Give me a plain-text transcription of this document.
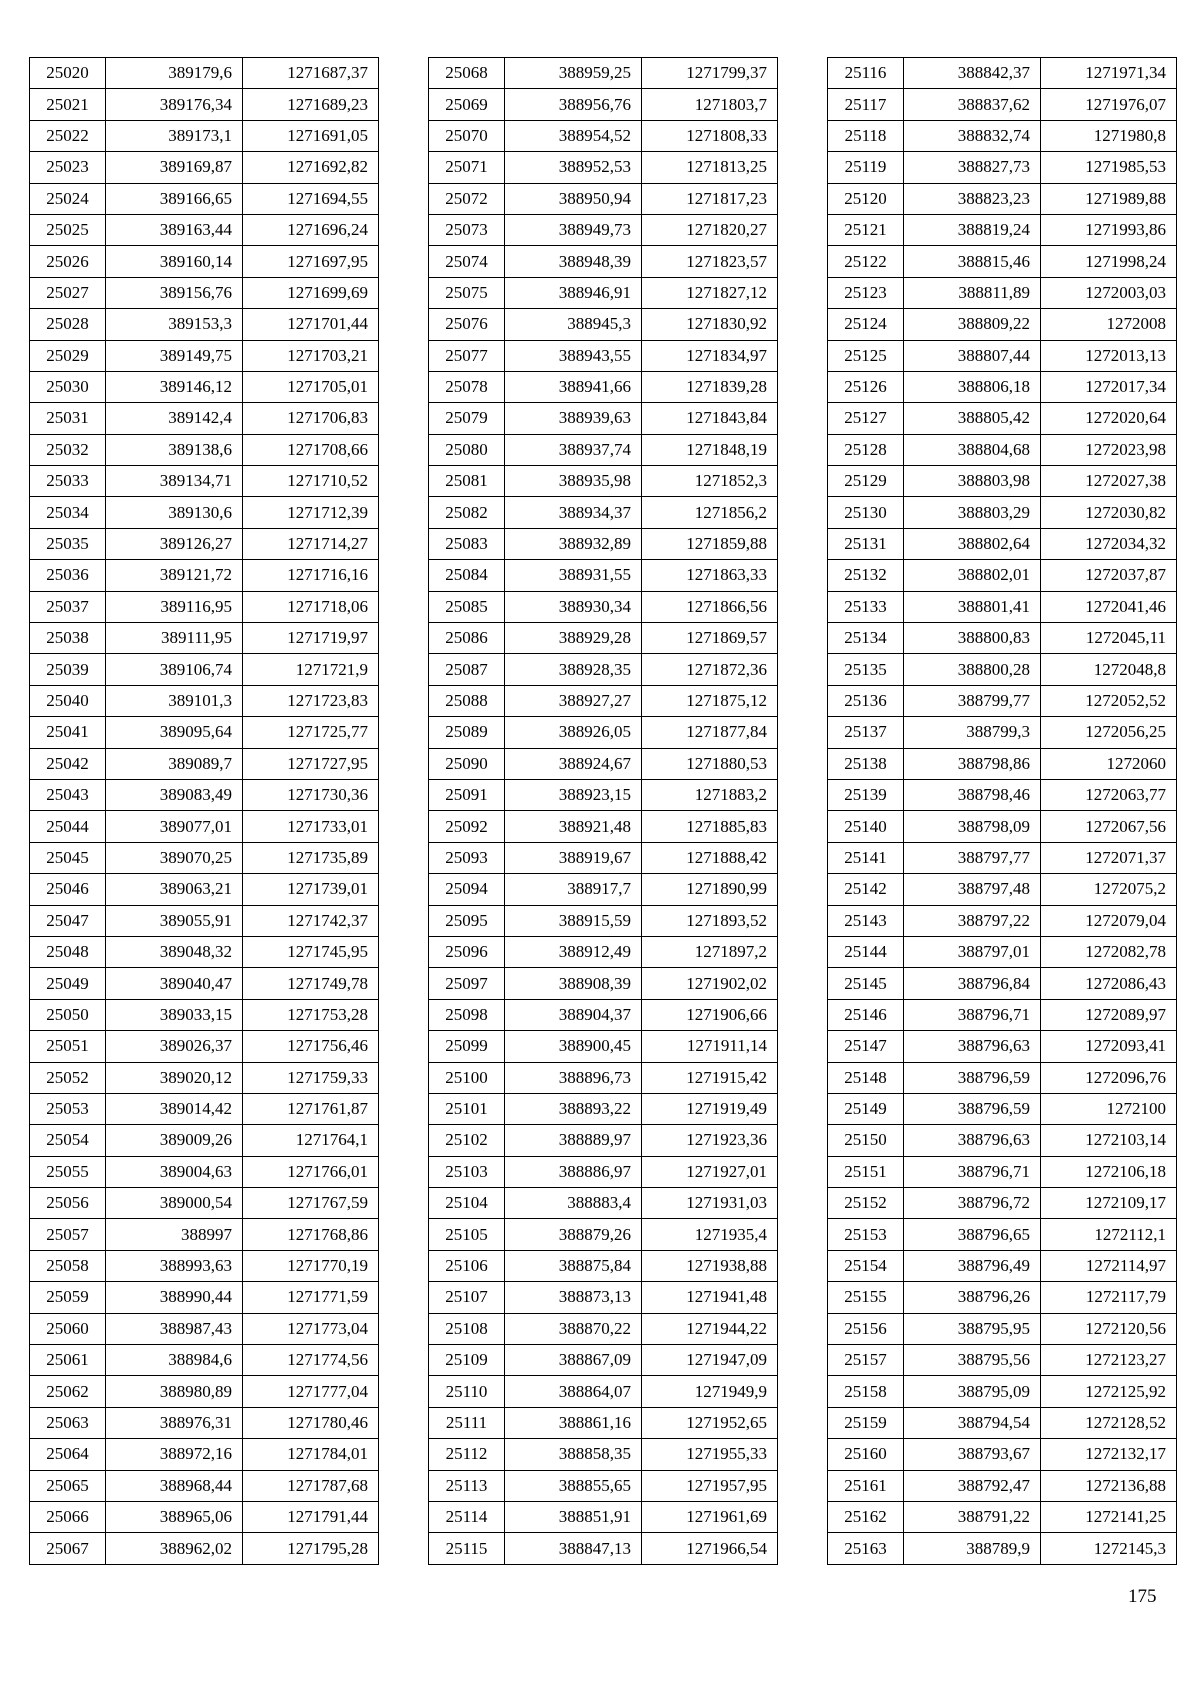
25020	389179,6	1271687,37
25021	389176,34	1271689,23
25022	389173,1	1271691,05
25023	389169,87	1271692,82
25024	389166,65	1271694,55
25025	389163,44	1271696,24
25026	389160,14	1271697,95
25027	389156,76	1271699,69
25028	389153,3	1271701,44
25029	389149,75	1271703,21
25030	389146,12	1271705,01
25031	389142,4	1271706,83
25032	389138,6	1271708,66
25033	389134,71	1271710,52
25034	389130,6	1271712,39
25035	389126,27	1271714,27
25036	389121,72	1271716,16
25037	389116,95	1271718,06
25038	389111,95	1271719,97
25039	389106,74	1271721,9
25040	389101,3	1271723,83
25041	389095,64	1271725,77
25042	389089,7	1271727,95
25043	389083,49	1271730,36
25044	389077,01	1271733,01
25045	389070,25	1271735,89
25046	389063,21	1271739,01
25047	389055,91	1271742,37
25048	389048,32	1271745,95
25049	389040,47	1271749,78
25050	389033,15	1271753,28
25051	389026,37	1271756,46
25052	389020,12	1271759,33
25053	389014,42	1271761,87
25054	389009,26	1271764,1
25055	389004,63	1271766,01
25056	389000,54	1271767,59
25057	388997	1271768,86
25058	388993,63	1271770,19
25059	388990,44	1271771,59
25060	388987,43	1271773,04
25061	388984,6	1271774,56
25062	388980,89	1271777,04
25063	388976,31	1271780,46
25064	388972,16	1271784,01
25065	388968,44	1271787,68
25066	388965,06	1271791,44
25067	388962,02	1271795,28
25068	388959,25	1271799,37
25069	388956,76	1271803,7
25070	388954,52	1271808,33
25071	388952,53	1271813,25
25072	388950,94	1271817,23
25073	388949,73	1271820,27
25074	388948,39	1271823,57
25075	388946,91	1271827,12
25076	388945,3	1271830,92
25077	388943,55	1271834,97
25078	388941,66	1271839,28
25079	388939,63	1271843,84
25080	388937,74	1271848,19
25081	388935,98	1271852,3
25082	388934,37	1271856,2
25083	388932,89	1271859,88
25084	388931,55	1271863,33
25085	388930,34	1271866,56
25086	388929,28	1271869,57
25087	388928,35	1271872,36
25088	388927,27	1271875,12
25089	388926,05	1271877,84
25090	388924,67	1271880,53
25091	388923,15	1271883,2
25092	388921,48	1271885,83
25093	388919,67	1271888,42
25094	388917,7	1271890,99
25095	388915,59	1271893,52
25096	388912,49	1271897,2
25097	388908,39	1271902,02
25098	388904,37	1271906,66
25099	388900,45	1271911,14
25100	388896,73	1271915,42
25101	388893,22	1271919,49
25102	388889,97	1271923,36
25103	388886,97	1271927,01
25104	388883,4	1271931,03
25105	388879,26	1271935,4
25106	388875,84	1271938,88
25107	388873,13	1271941,48
25108	388870,22	1271944,22
25109	388867,09	1271947,09
25110	388864,07	1271949,9
25111	388861,16	1271952,65
25112	388858,35	1271955,33
25113	388855,65	1271957,95
25114	388851,91	1271961,69
25115	388847,13	1271966,54
25116	388842,37	1271971,34
25117	388837,62	1271976,07
25118	388832,74	1271980,8
25119	388827,73	1271985,53
25120	388823,23	1271989,88
25121	388819,24	1271993,86
25122	388815,46	1271998,24
25123	388811,89	1272003,03
25124	388809,22	1272008
25125	388807,44	1272013,13
25126	388806,18	1272017,34
25127	388805,42	1272020,64
25128	388804,68	1272023,98
25129	388803,98	1272027,38
25130	388803,29	1272030,82
25131	388802,64	1272034,32
25132	388802,01	1272037,87
25133	388801,41	1272041,46
25134	388800,83	1272045,11
25135	388800,28	1272048,8
25136	388799,77	1272052,52
25137	388799,3	1272056,25
25138	388798,86	1272060
25139	388798,46	1272063,77
25140	388798,09	1272067,56
25141	388797,77	1272071,37
25142	388797,48	1272075,2
25143	388797,22	1272079,04
25144	388797,01	1272082,78
25145	388796,84	1272086,43
25146	388796,71	1272089,97
25147	388796,63	1272093,41
25148	388796,59	1272096,76
25149	388796,59	1272100
25150	388796,63	1272103,14
25151	388796,71	1272106,18
25152	388796,72	1272109,17
25153	388796,65	1272112,1
25154	388796,49	1272114,97
25155	388796,26	1272117,79
25156	388795,95	1272120,56
25157	388795,56	1272123,27
25158	388795,09	1272125,92
25159	388794,54	1272128,52
25160	388793,67	1272132,17
25161	388792,47	1272136,88
25162	388791,22	1272141,25
25163	388789,9	1272145,3
175
